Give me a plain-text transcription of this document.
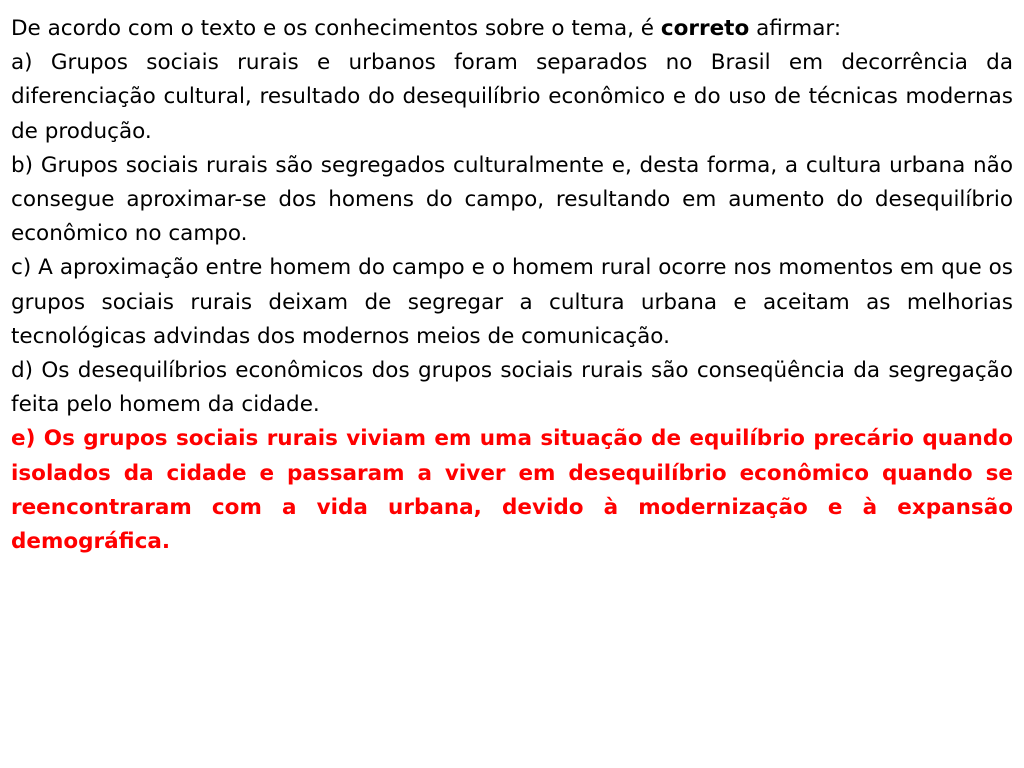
De acordo com o texto e os conhecimentos sobre o tema, é correto afirmar:

a) Grupos sociais rurais e urbanos foram separados no Brasil em decorrência da diferenciação cultural, resultado do desequilíbrio econômico e do uso de técnicas modernas de produção.

b) Grupos sociais rurais são segregados culturalmente e, desta forma, a cultura urbana não consegue aproximar-se dos homens do campo, resultando em aumento do desequilíbrio econômico no campo.

c) A aproximação entre homem do campo e o homem rural ocorre nos momentos em que os grupos sociais rurais deixam de segregar a cultura urbana e aceitam as melhorias tecnológicas advindas dos modernos meios de comunicação.

d) Os desequilíbrios econômicos dos grupos sociais rurais são conseqüência da segregação feita pelo homem da cidade.

e) Os grupos sociais rurais viviam em uma situação de equilíbrio precário quando isolados da cidade e passaram a viver em desequilíbrio econômico quando se reencontraram com a vida urbana, devido à modernização e à expansão demográfica.
